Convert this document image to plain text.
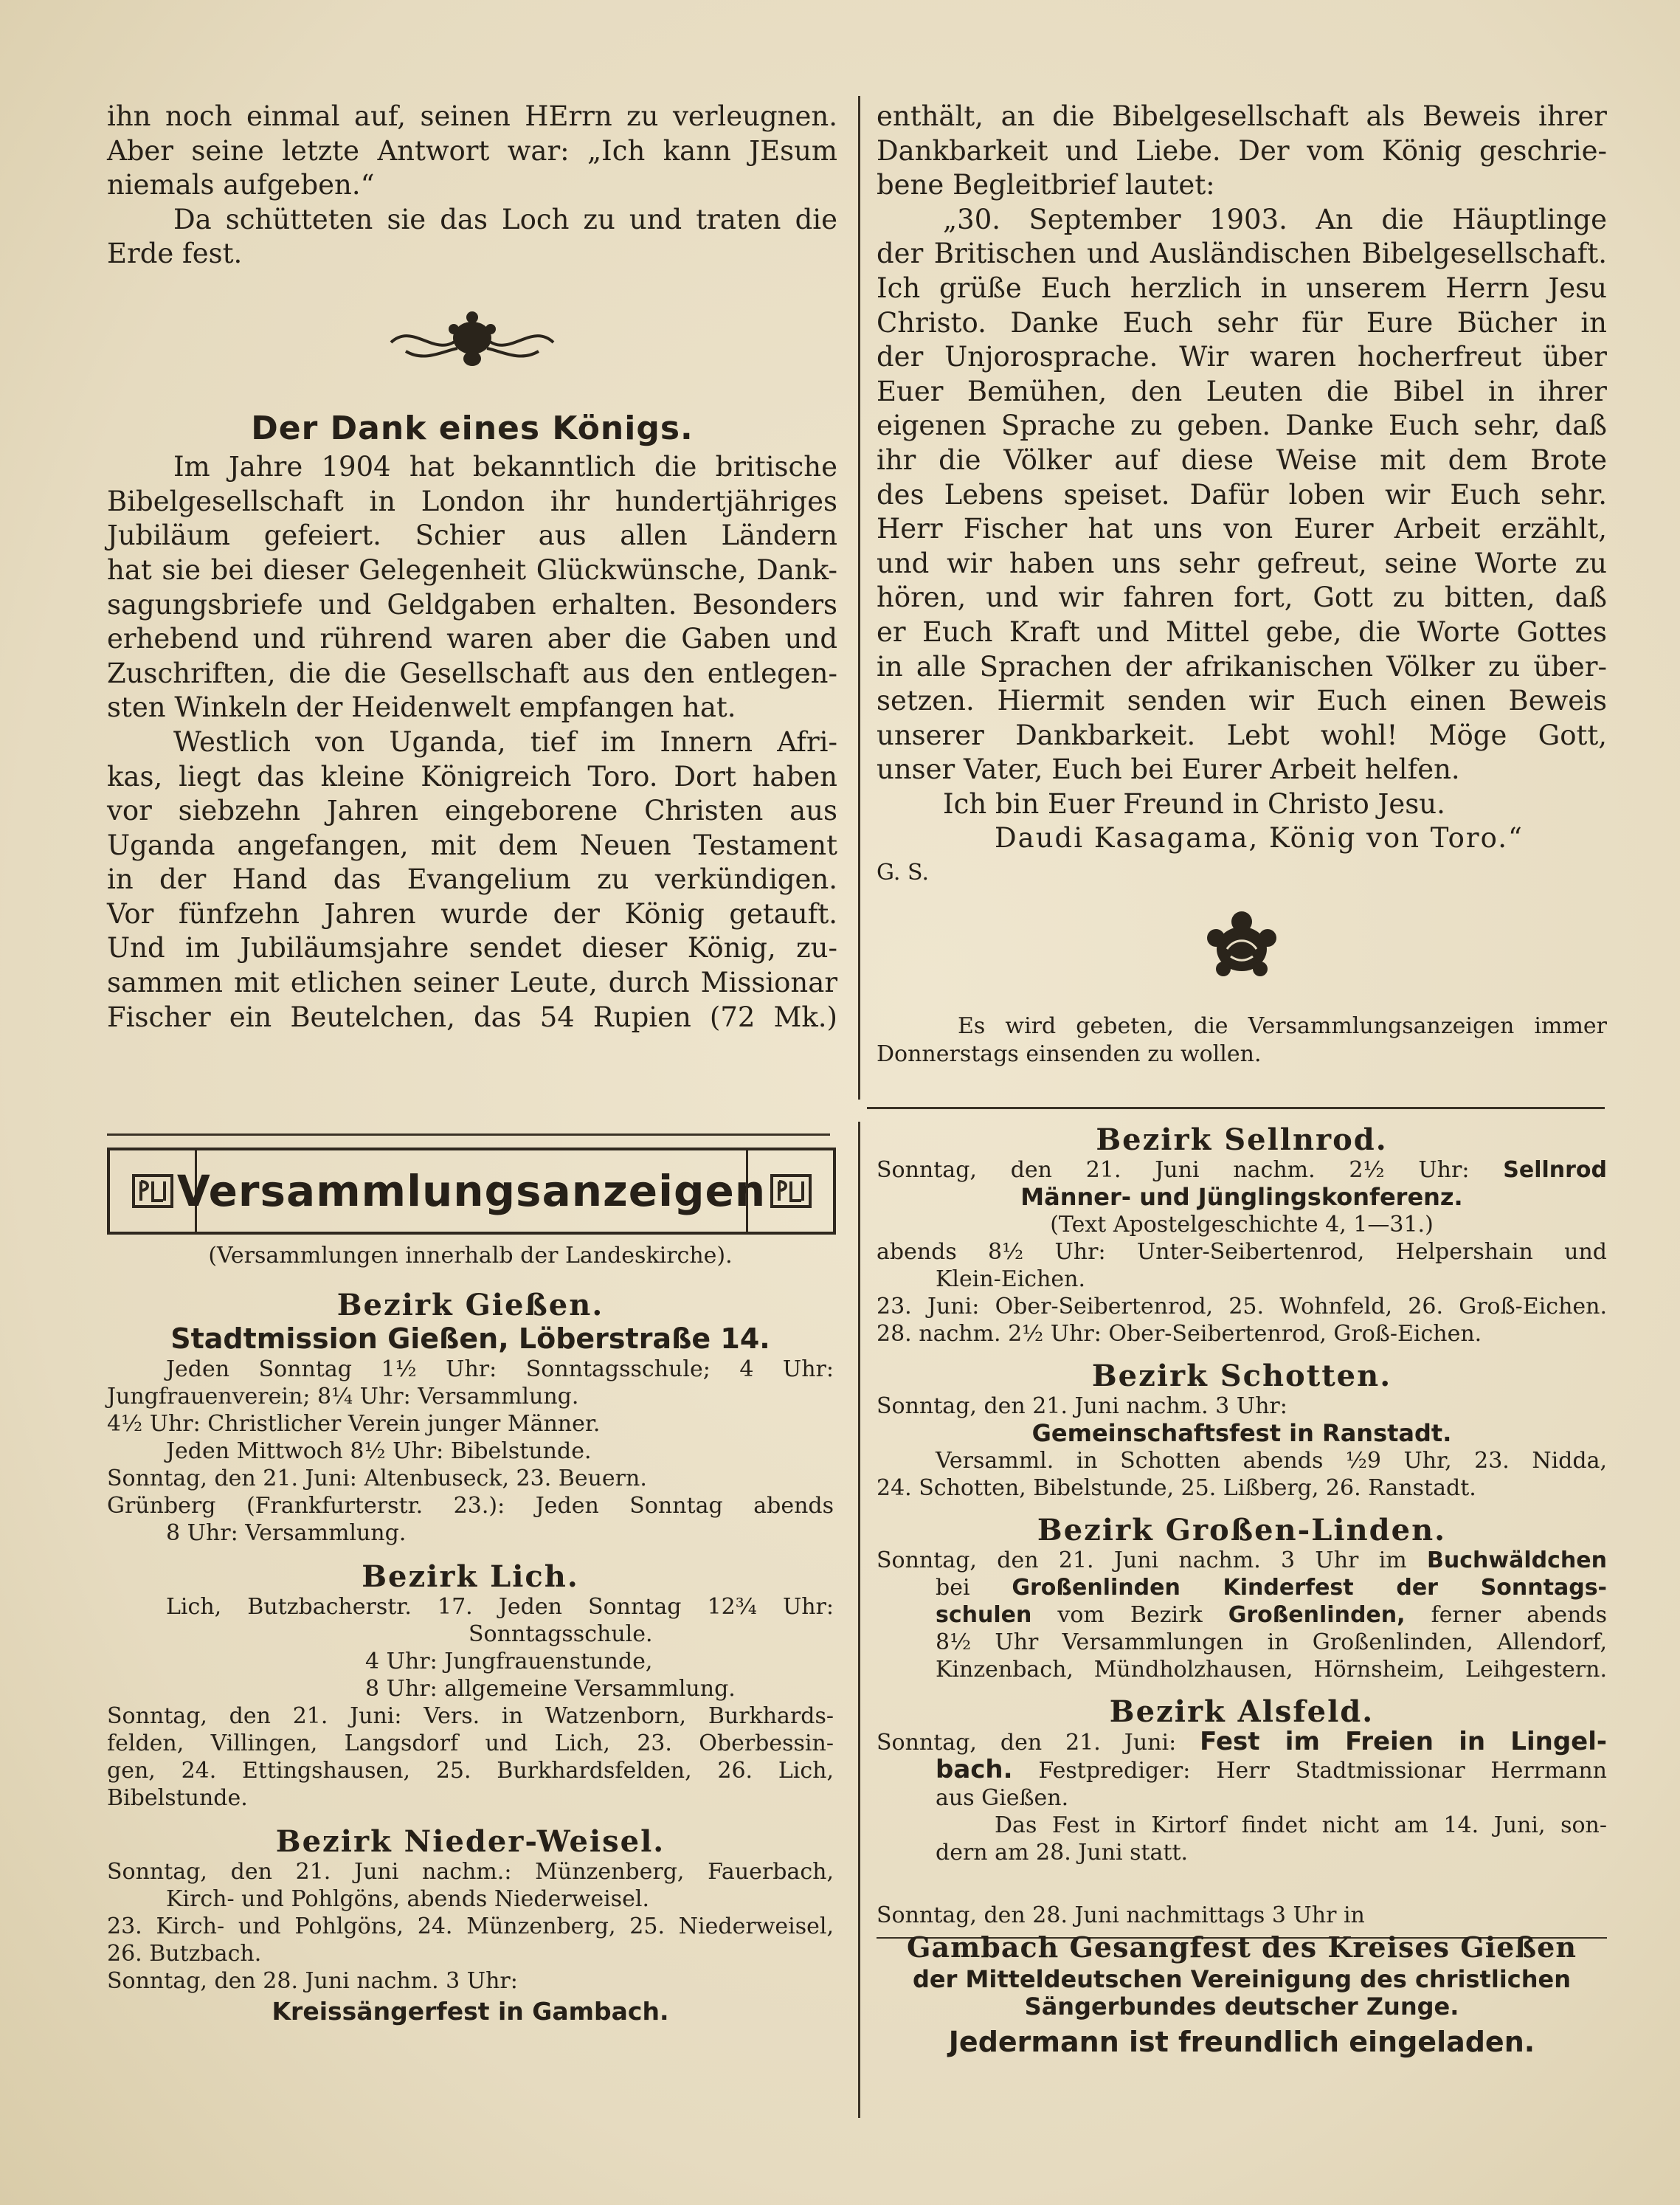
ihn noch einmal auf, seinen HErrn zu verleugnen.

Aber seine letzte Antwort war: „Ich kann JEsum

niemals aufgeben.“

Da schütteten sie das Loch zu und traten die

Erde fest.

Der Dank eines Königs.

Im Jahre 1904 hat bekanntlich die britische

Bibelgesellschaft in London ihr hundertjähriges

Jubiläum gefeiert. Schier aus allen Ländern

hat sie bei dieser Gelegenheit Glückwünsche, Dank-

sagungsbriefe und Geldgaben erhalten. Besonders

erhebend und rührend waren aber die Gaben und

Zuschriften, die die Gesellschaft aus den entlegen-

sten Winkeln der Heidenwelt empfangen hat.

Westlich von Uganda, tief im Innern Afri-

kas, liegt das kleine Königreich Toro. Dort haben

vor siebzehn Jahren eingeborene Christen aus

Uganda angefangen, mit dem Neuen Testament

in der Hand das Evangelium zu verkündigen.

Vor fünfzehn Jahren wurde der König getauft.

Und im Jubiläumsjahre sendet dieser König, zu-

sammen mit etlichen seiner Leute, durch Missionar

Fischer ein Beutelchen, das 54 Rupien (72 Mk.)

enthält, an die Bibelgesellschaft als Beweis ihrer

Dankbarkeit und Liebe. Der vom König geschrie-

bene Begleitbrief lautet:

„30. September 1903. An die Häuptlinge

der Britischen und Ausländischen Bibelgesellschaft.

Ich grüße Euch herzlich in unserem Herrn Jesu

Christo. Danke Euch sehr für Eure Bücher in

der Unjorosprache. Wir waren hocherfreut über

Euer Bemühen, den Leuten die Bibel in ihrer

eigenen Sprache zu geben. Danke Euch sehr, daß

ihr die Völker auf diese Weise mit dem Brote

des Lebens speiset. Dafür loben wir Euch sehr.

Herr Fischer hat uns von Eurer Arbeit erzählt,

und wir haben uns sehr gefreut, seine Worte zu

hören, und wir fahren fort, Gott zu bitten, daß

er Euch Kraft und Mittel gebe, die Worte Gottes

in alle Sprachen der afrikanischen Völker zu über-

setzen. Hiermit senden wir Euch einen Beweis

unserer Dankbarkeit. Lebt wohl! Möge Gott,

unser Vater, Euch bei Eurer Arbeit helfen.

Ich bin Euer Freund in Christo Jesu.

Daudi Kasagama, König von Toro.“

G. S.

Es wird gebeten, die Versammlungsanzeigen immer

Donnerstags einsenden zu wollen.

Versammlungsanzeigen

(Versammlungen innerhalb der Landeskirche).

Bezirk Gießen.

Stadtmission Gießen, Löberstraße 14.

Jeden Sonntag 1½ Uhr: Sonntagsschule; 4 Uhr:

Jungfrauenverein; 8¼ Uhr: Versammlung.

4½ Uhr: Christlicher Verein junger Männer.

Jeden Mittwoch 8½ Uhr: Bibelstunde.

Sonntag, den 21. Juni: Altenbuseck, 23. Beuern.

Grünberg (Frankfurterstr. 23.): Jeden Sonntag abends

8 Uhr: Versammlung.

Bezirk Lich.

Lich, Butzbacherstr. 17. Jeden Sonntag 12¾ Uhr:

Sonntagsschule.

4 Uhr: Jungfrauenstunde,

8 Uhr: allgemeine Versammlung.

Sonntag, den 21. Juni: Vers. in Watzenborn, Burkhards-

felden, Villingen, Langsdorf und Lich, 23. Oberbessin-

gen, 24. Ettingshausen, 25. Burkhardsfelden, 26. Lich,

Bibelstunde.

Bezirk Nieder-Weisel.

Sonntag, den 21. Juni nachm.: Münzenberg, Fauerbach,

Kirch- und Pohlgöns, abends Niederweisel.

23. Kirch- und Pohlgöns, 24. Münzenberg, 25. Niederweisel,

26. Butzbach.

Sonntag, den 28. Juni nachm. 3 Uhr:

Kreissängerfest in Gambach.

Bezirk Sellnrod.

Sonntag, den 21. Juni nachm. 2½ Uhr: Sellnrod

Männer- und Jünglingskonferenz.

(Text Apostelgeschichte 4, 1—31.)

abends 8½ Uhr: Unter-Seibertenrod, Helpershain und

Klein-Eichen.

23. Juni: Ober-Seibertenrod, 25. Wohnfeld, 26. Groß-Eichen.

28. nachm. 2½ Uhr: Ober-Seibertenrod, Groß-Eichen.

Bezirk Schotten.

Sonntag, den 21. Juni nachm. 3 Uhr:

Gemeinschaftsfest in Ranstadt.

Versamml. in Schotten abends ½9 Uhr, 23. Nidda,

24. Schotten, Bibelstunde, 25. Lißberg, 26. Ranstadt.

Bezirk Großen-Linden.

Sonntag, den 21. Juni nachm. 3 Uhr im Buchwäldchen

bei Großenlinden Kinderfest der Sonntags-

schulen vom Bezirk Großenlinden, ferner abends

8½ Uhr Versammlungen in Großenlinden, Allendorf,

Kinzenbach, Mündholzhausen, Hörnsheim, Leihgestern.

Bezirk Alsfeld.

Sonntag, den 21. Juni: Fest im Freien in Lingel-

bach. Festprediger: Herr Stadtmissionar Herrmann

aus Gießen.

Das Fest in Kirtorf findet nicht am 14. Juni, son-

dern am 28. Juni statt.

Sonntag, den 28. Juni nachmittags 3 Uhr in

Gambach Gesangfest des Kreises Gießen

der Mitteldeutschen Vereinigung des christlichen

Sängerbundes deutscher Zunge.

Jedermann ist freundlich eingeladen.
